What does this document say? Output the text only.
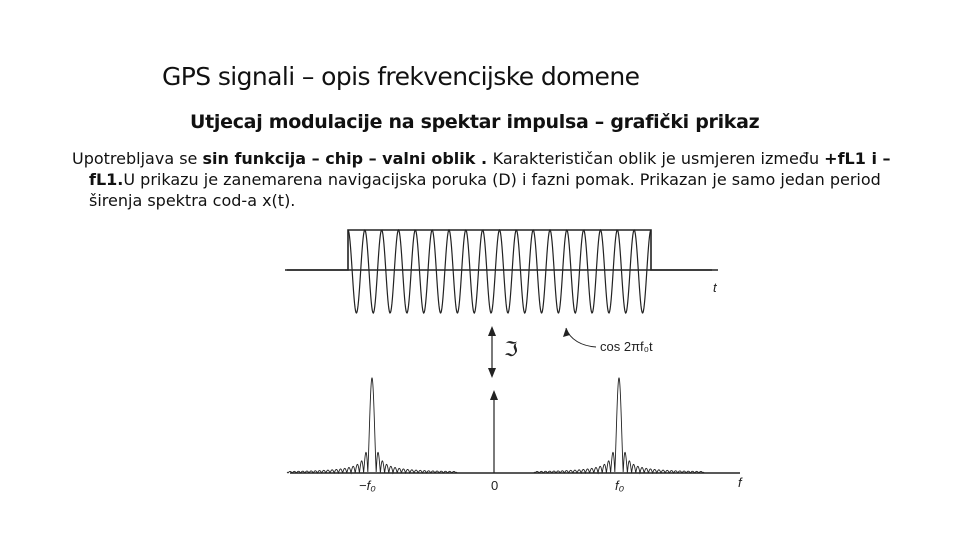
GPS signali – opis frekvencijske domene
Utjecaj modulacije na spektar impulsa – grafički prikaz
Upotrebljava se sin funkcija – chip – valni oblik . Karakterističan oblik je usmjeren između +fL1 i –
fL1.U prikazu je zanemarena navigacijska poruka (D) i fazni pomak. Prikazan je samo jedan period
širenja spektra cod-a x(t).
t
cos 2πf₀t
ℑ
−f₀	0	f₀	f
